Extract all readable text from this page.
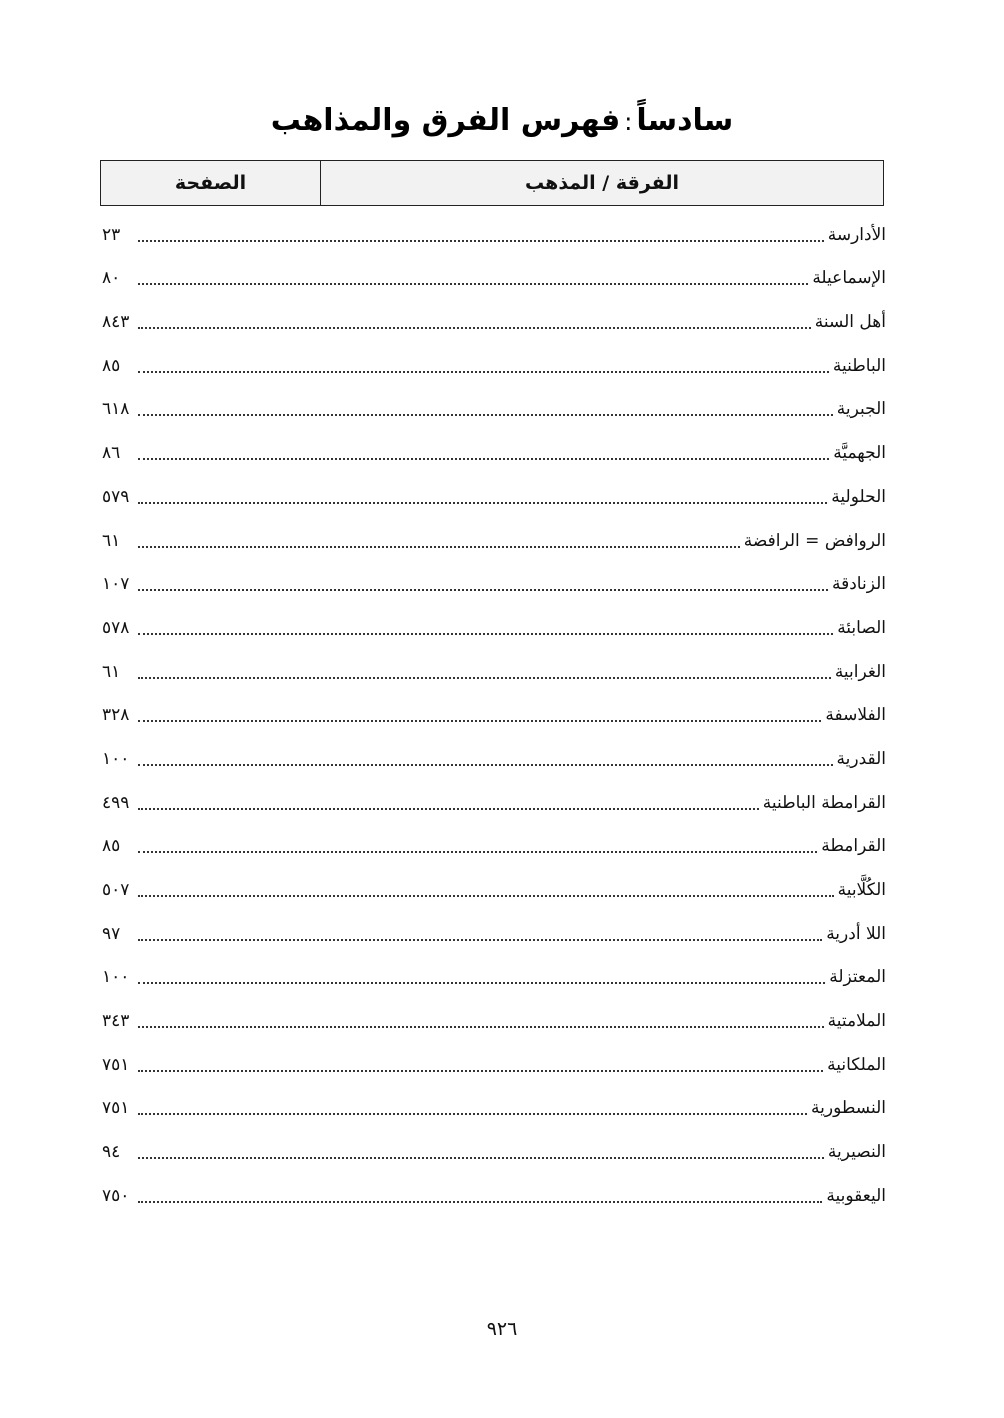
سادساً:فهرس الفرق والمذاهب
الفرقة / المذهب
الصفحة
الأدارسة
٢٣
الإسماعيلة
٨٠
أهل السنة
٨٤٣
الباطنية
٨٥
الجبرية
٦١٨
الجهميَّة
٨٦
الحلولية
٥٧٩
الروافض = الرافضة
٦١
الزنادقة
١٠٧
الصابئة
٥٧٨
الغرابية
٦١
الفلاسفة
٣٢٨
القدرية
١٠٠
القرامطة الباطنية
٤٩٩
القرامطة
٨٥
الكُلَّابية
٥٠٧
اللا أدرية
٩٧
المعتزلة
١٠٠
الملامتية
٣٤٣
الملكانية
٧٥١
النسطورية
٧٥١
النصيرية
٩٤
اليعقوبية
٧٥٠
٩٢٦
